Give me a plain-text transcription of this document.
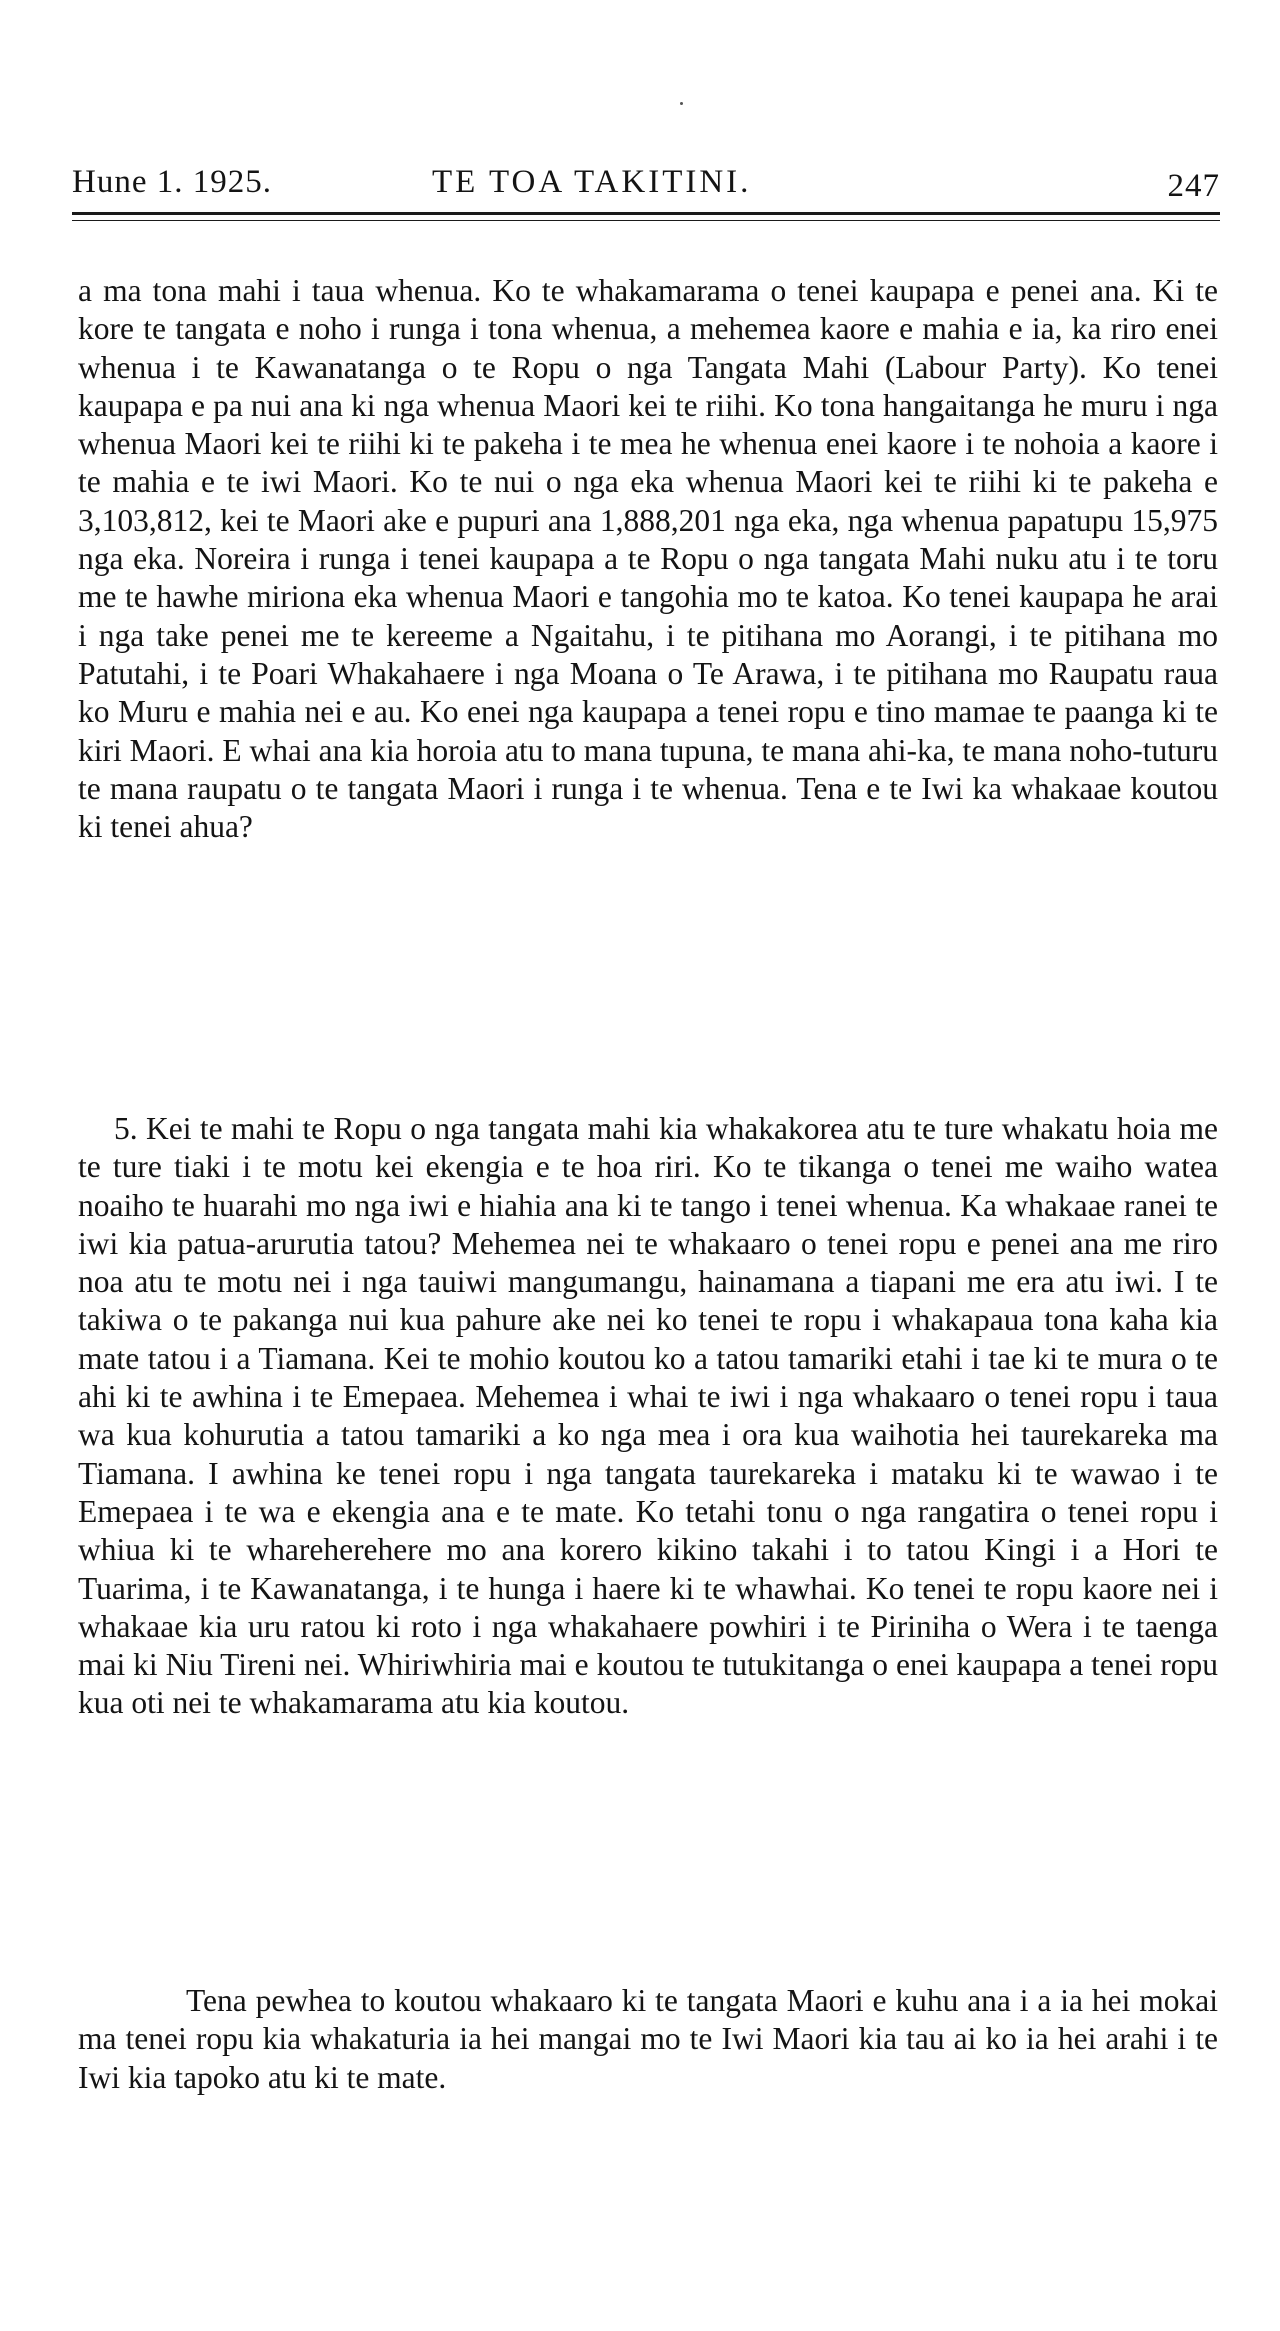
Hune 1. 1925.	TE TOA TAKITINI.	247
a ma tona mahi i taua whenua. Ko te whakamarama o tenei kaupapa e penei ana. Ki te kore te tangata e noho i runga i tona whenua, a mehemea kaore e mahia e ia, ka riro enei whenua i te Kawanatanga o te Ropu o nga Tangata Mahi (Labour Party). Ko tenei kaupapa e pa nui ana ki nga whenua Maori kei te riihi. Ko tona hangaitanga he muru i nga whenua Maori kei te riihi ki te pakeha i te mea he whenua enei kaore i te nohoia a kaore i te mahia e te iwi Maori. Ko te nui o nga eka whenua Maori kei te riihi ki te pakeha e 3,103,812, kei te Maori ake e pupuri ana 1,888,201 nga eka, nga whenua papatupu 15,975 nga eka. Noreira i runga i tenei kaupapa a te Ropu o nga tangata Mahi nuku atu i te toru me te hawhe miriona eka whenua Maori e tangohia mo te katoa. Ko tenei kaupapa he arai i nga take penei me te kereeme a Ngaitahu, i te pitihana mo Aorangi, i te pitihana mo Patutahi, i te Poari Whakahaere i nga Moana o Te Arawa, i te pitihana mo Raupatu raua ko Muru e mahia nei e au. Ko enei nga kaupapa a tenei ropu e tino mamae te paanga ki te kiri Maori. E whai ana kia horoia atu to mana tupuna, te mana ahi-ka, te mana noho-tuturu te mana raupatu o te tangata Maori i runga i te whenua. Tena e te Iwi ka whakaae koutou ki tenei ahua?
5. Kei te mahi te Ropu o nga tangata mahi kia whakakorea atu te ture whakatu hoia me te ture tiaki i te motu kei ekengia e te hoa riri. Ko te tikanga o tenei me waiho watea noaiho te huarahi mo nga iwi e hiahia ana ki te tango i tenei whenua. Ka whakaae ranei te iwi kia patua-arurutia tatou? Mehemea nei te whakaaro o tenei ropu e penei ana me riro noa atu te motu nei i nga tauiwi mangumangu, hainamana a tiapani me era atu iwi. I te takiwa o te pakanga nui kua pahure ake nei ko tenei te ropu i whakapaua tona kaha kia mate tatou i a Tiamana. Kei te mohio koutou ko a tatou tamariki etahi i tae ki te mura o te ahi ki te awhina i te Emepaea. Mehemea i whai te iwi i nga whakaaro o tenei ropu i taua wa kua kohurutia a tatou tamariki a ko nga mea i ora kua waihotia hei taurekareka ma Tiamana. I awhina ke tenei ropu i nga tangata taurekareka i mataku ki te wawao i te Emepaea i te wa e ekengia ana e te mate. Ko tetahi tonu o nga rangatira o tenei ropu i whiua ki te whareherehere mo ana korero kikino takahi i to tatou Kingi i a Hori te Tuarima, i te Kawanatanga, i te hunga i haere ki te whawhai. Ko tenei te ropu kaore nei i whakaae kia uru ratou ki roto i nga whakahaere powhiri i te Piriniha o Wera i te taenga mai ki Niu Tireni nei. Whiriwhiria mai e koutou te tutukitanga o enei kaupapa a tenei ropu kua oti nei te whakamarama atu kia koutou.
Tena pewhea to koutou whakaaro ki te tangata Maori e kuhu ana i a ia hei mokai ma tenei ropu kia whakaturia ia hei mangai mo te Iwi Maori kia tau ai ko ia hei arahi i te Iwi kia tapoko atu ki te mate.
